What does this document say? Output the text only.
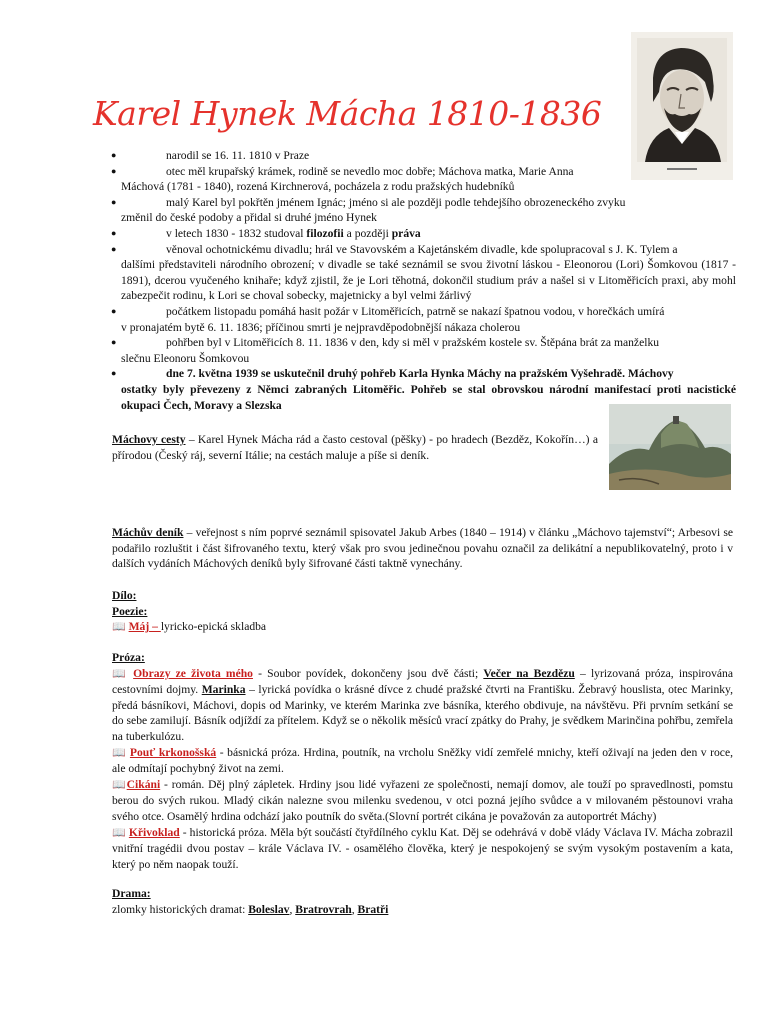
Karel Hynek Mácha 1810-1836
●	narodil se 16. 11. 1810 v Praze
●	otec měl krupařský krámek, rodině se nevedlo moc dobře; Máchova matka, Marie Anna
Máchová (1781 - 1840), rozená Kirchnerová, pocházela z rodu pražských hudebníků
●	malý Karel byl pokřtěn jménem Ignác; jméno si ale později podle tehdejšího obrozeneckého zvyku
změnil do české podoby a přidal si druhé jméno Hynek
●	v letech 1830 - 1832 studoval filozofii a později práva
●	věnoval ochotnickému divadlu; hrál ve Stavovském a Kajetánském divadle, kde spolupracoval s J. K. Tylem a
dalšími představiteli národního obrození; v divadle se také seznámil se svou životní láskou - Eleonorou (Lori) Šomkovou (1817 - 1891), dcerou vyučeného knihaře; když zjistil, že je Lori těhotná, dokončil studium práv a našel si v Litoměřicích praxi, aby mohl zabezpečit rodinu, k Lori se choval sobecky, majetnicky a byl velmi žárlivý
●	počátkem listopadu pomáhá hasit požár v Litoměřicích, patrně se nakazí špatnou vodou, v horečkách umírá
v pronajatém bytě 6. 11. 1836; příčinou smrti je nejpravděpodobnější nákaza cholerou
●	pohřben byl v Litoměřicích 8. 11. 1836 v den, kdy si měl v pražském kostele sv. Štěpána brát za manželku
slečnu Eleonoru Šomkovou
●	dne 7. května 1939 se uskutečnil druhý pohřeb Karla Hynka Máchy na pražském Vyšehradě. Máchovy
ostatky byly převezeny z Němci zabraných Litoměřic. Pohřeb se stal obrovskou národní manifestací proti nacistické okupaci Čech, Moravy a Slezska
Máchovy cesty – Karel Hynek Mácha rád a často cestoval (pěšky) - po hradech (Bezděz, Kokořín…) a přírodou (Český ráj, severní Itálie; na cestách maluje a píše si deník.
Máchův deník – veřejnost s ním poprvé seznámil spisovatel Jakub Arbes (1840 – 1914) v článku „Máchovo tajemství“; Arbesovi se podařilo rozluštit i část šifrovaného textu, který však pro svou jedinečnou povahu označil za delikátní a nepublikovatelný, proto i v dalších vydáních Máchových deníků byly šifrované části taktně vynechány.
Dílo:
Poezie:
📖 Máj – lyricko-epická skladba
Próza:
📖 Obrazy ze života mého - Soubor povídek, dokončeny jsou dvě části; Večer na Bezdězu – lyrizovaná próza, inspirována cestovními dojmy. Marinka – lyrická povídka o krásné dívce z chudé pražské čtvrti na Františku. Žebravý houslista, otec Marinky, předá básníkovi, Máchovi, dopis od Marinky, ve kterém Marinka zve básníka, kterého obdivuje, na návštěvu. Při prvním setkání se do sebe zamilují. Básník odjíždí za přítelem. Když se o několik měsíců vrací zpátky do Prahy, je svědkem Marinčina pohřbu, zemřela na tuberkulózu.
📖 Pouť krkonošská - básnická próza. Hrdina, poutník, na vrcholu Sněžky vidí zemřelé mnichy, kteří oživají na jeden den v roce, ale odmítají pochybný život na zemi.
📖Cikáni - román. Děj plný zápletek. Hrdiny jsou lidé vyřazeni ze společnosti, nemají domov, ale touží po spravedlnosti, pomstu berou do svých rukou. Mladý cikán nalezne svou milenku svedenou, v otci pozná jejího svůdce a v milovaném pěstounovi vraha svého otce. Osamělý hrdina odchází jako poutník do světa.(Slovní portrét cikána je považován za autoportrét Máchy)
📖 Křivoklad - historická próza. Měla být součástí čtyřdílného cyklu Kat. Děj se odehrává v době vlády Václava IV. Mácha zobrazil vnitřní tragédii dvou postav – krále Václava IV. - osamělého člověka, který je nespokojený se svým vysokým postavením a kata, který po něm naopak touží.
Drama:
zlomky historických dramat: Boleslav, Bratrovrah, Bratři
